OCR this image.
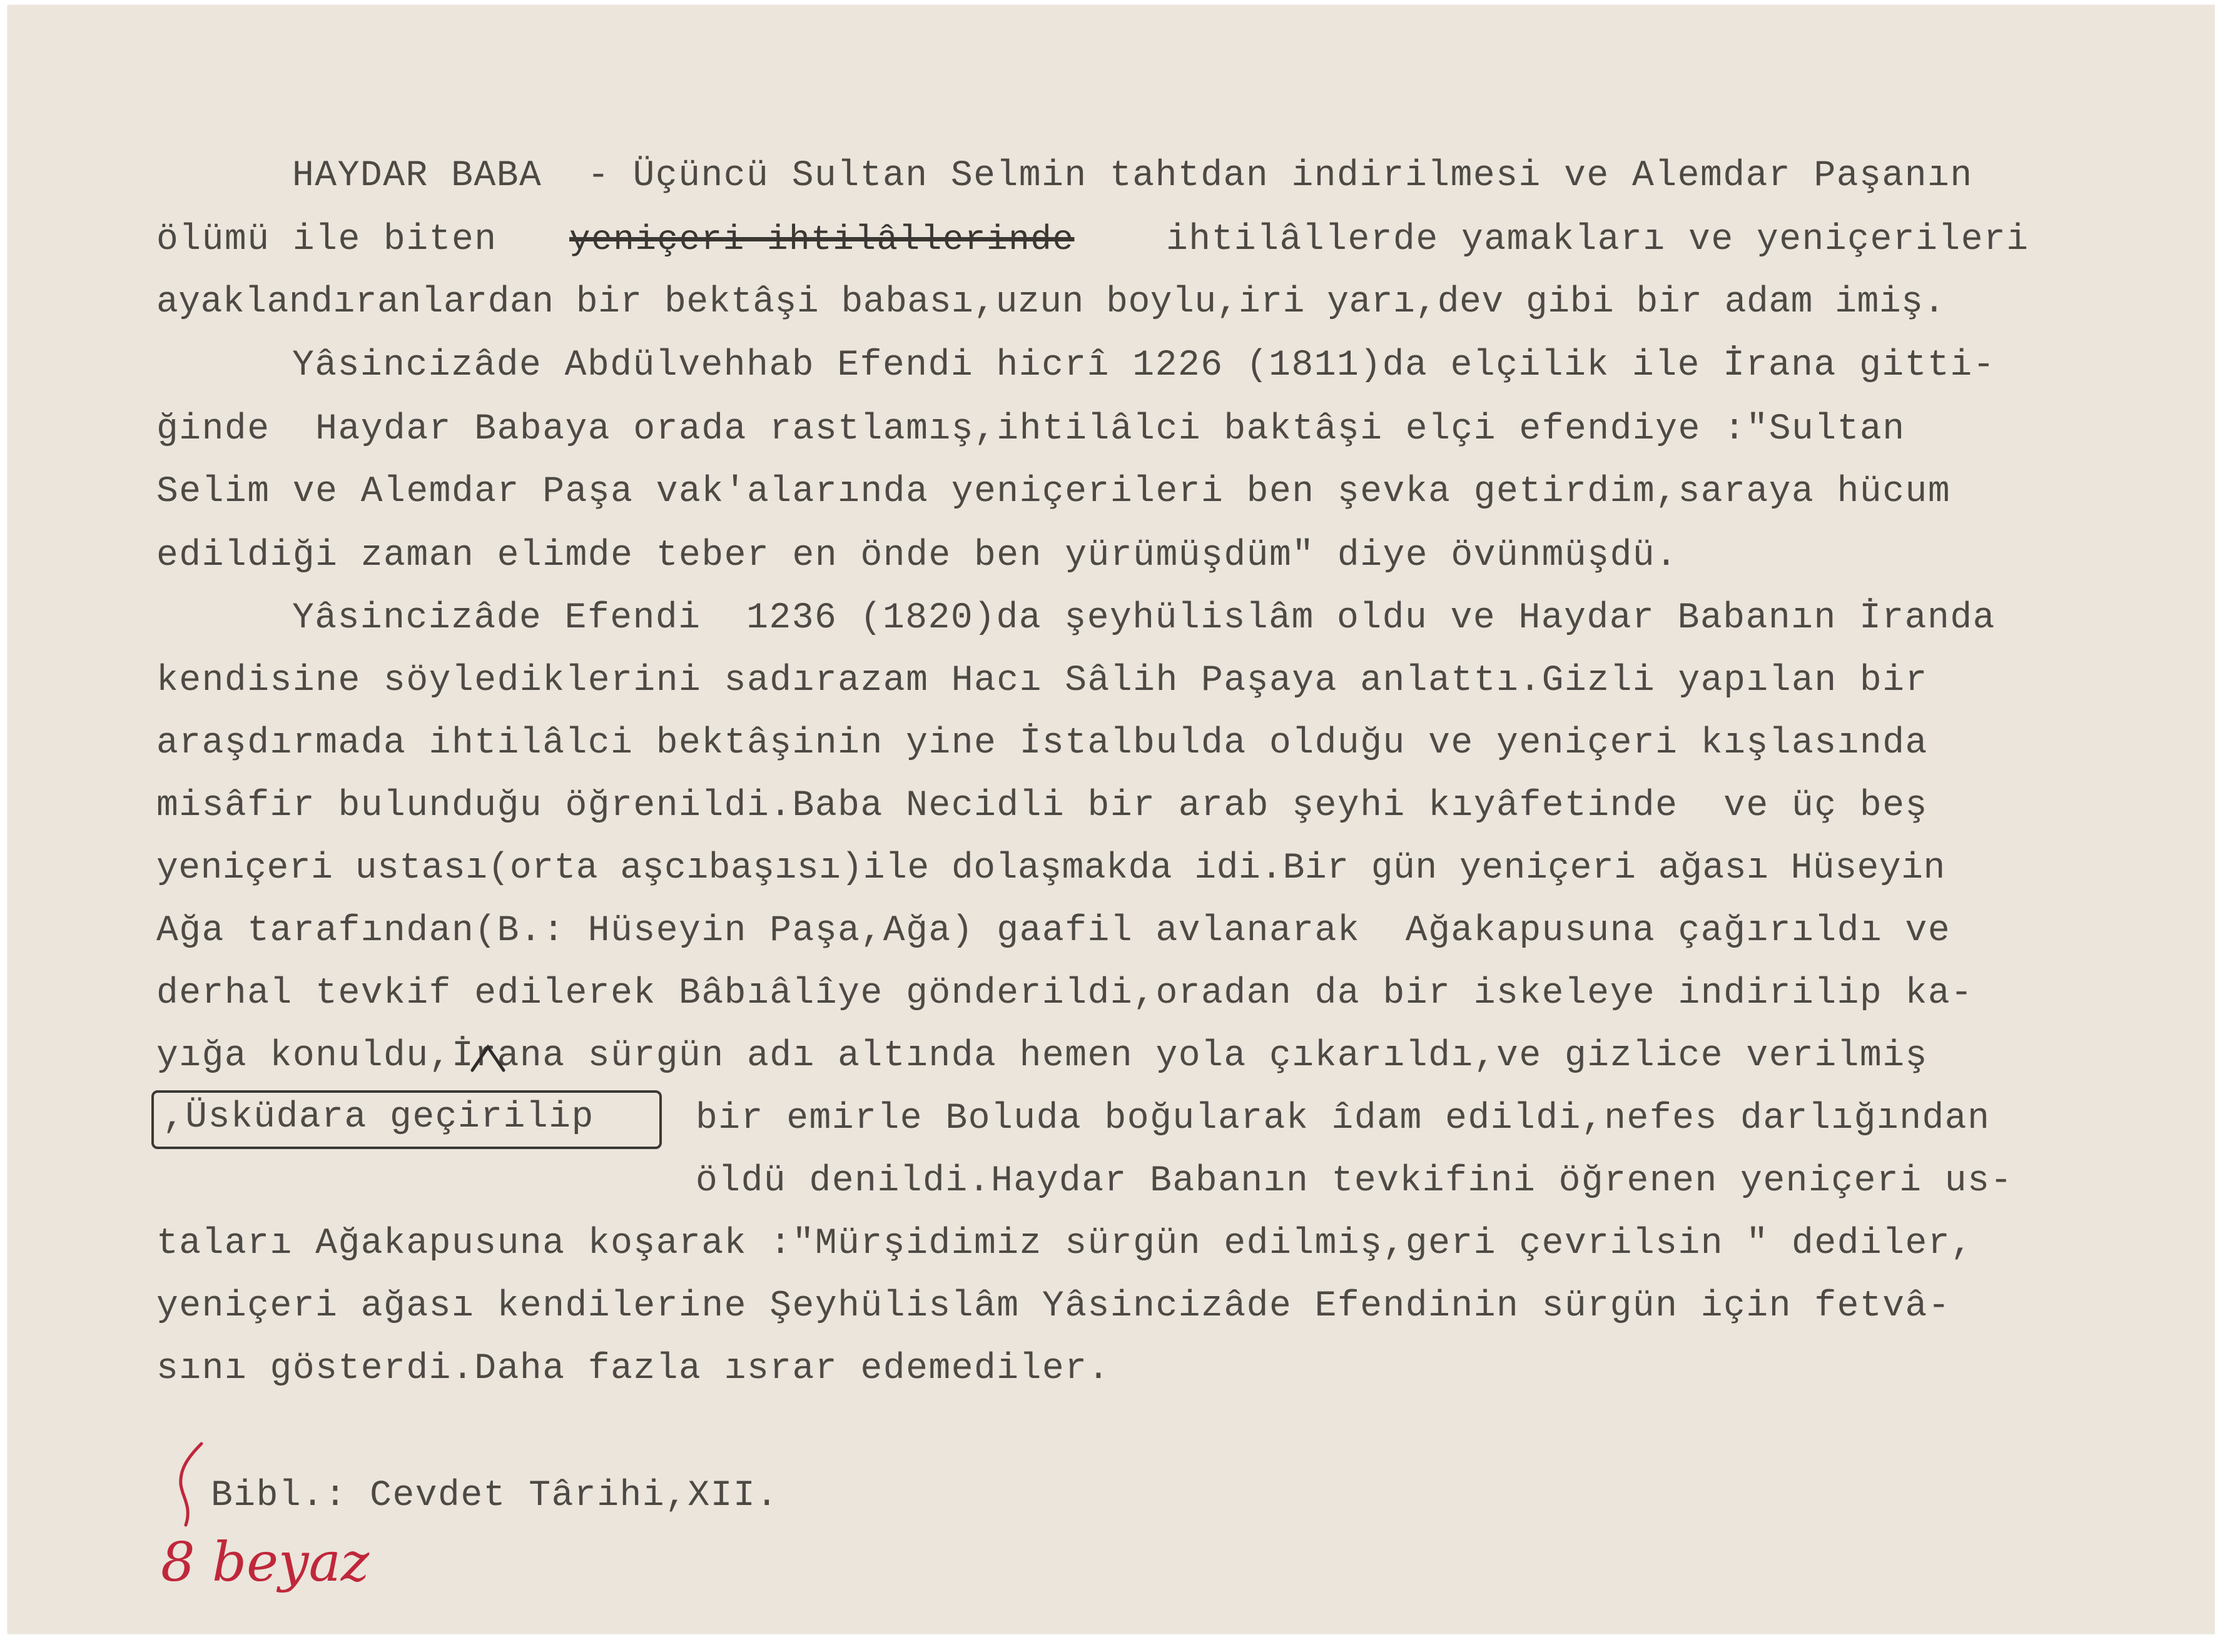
HAYDAR BABA  - Üçüncü Sultan Selmin tahtdan indirilmesi ve Alemdar Paşanın
ölümü ile biten yeniçeri ihtilâllerinde	ihtilâllerde yamakları ve yeniçerileri
ayaklandıranlardan bir bektâşi babası,uzun boylu,iri yarı,dev gibi bir adam imiş.
Yâsincizâde Abdülvehhab Efendi hicrî 1226 (1811)da elçilik ile İrana gitti-
ğinde  Haydar Babaya orada rastlamış,ihtilâlci baktâşi elçi efendiye :"Sultan
Selim ve Alemdar Paşa vak'alarında yeniçerileri ben şevka getirdim,saraya hücum
edildiği zaman elimde teber en önde ben yürümüşdüm" diye övünmüşdü.
Yâsincizâde Efendi  1236 (1820)da şeyhülislâm oldu ve Haydar Babanın İranda
kendisine söylediklerini sadırazam Hacı Sâlih Paşaya anlattı.Gizli yapılan bir
araşdırmada ihtilâlci bektâşinin yine İstalbulda olduğu ve yeniçeri kışlasında
misâfir bulunduğu öğrenildi.Baba Necidli bir arab şeyhi kıyâfetinde  ve üç beş
yeniçeri ustası(orta aşcıbaşısı)ile dolaşmakda idi.Bir gün yeniçeri ağası Hüseyin
Ağa tarafından(B.: Hüseyin Paşa,Ağa) gaafil avlanarak  Ağakapusuna çağırıldı ve
derhal tevkif edilerek Bâbıâlîye gönderildi,oradan da bir iskeleye indirilip ka-
yığa konuldu,İrana sürgün adı altında hemen yola çıkarıldı,ve gizlice verilmiş
,Üsküdara geçirilip	bir emirle Boluda boğularak îdam edildi,nefes darlığından
öldü denildi.Haydar Babanın tevkifini öğrenen yeniçeri us-
taları Ağakapusuna koşarak :"Mürşidimiz sürgün edilmiş,geri çevrilsin " dediler,
yeniçeri ağası kendilerine Şeyhülislâm Yâsincizâde Efendinin sürgün için fetvâ-
sını gösterdi.Daha fazla ısrar edemediler.
Bibl.: Cevdet Târihi,XII.
8 beyaz
